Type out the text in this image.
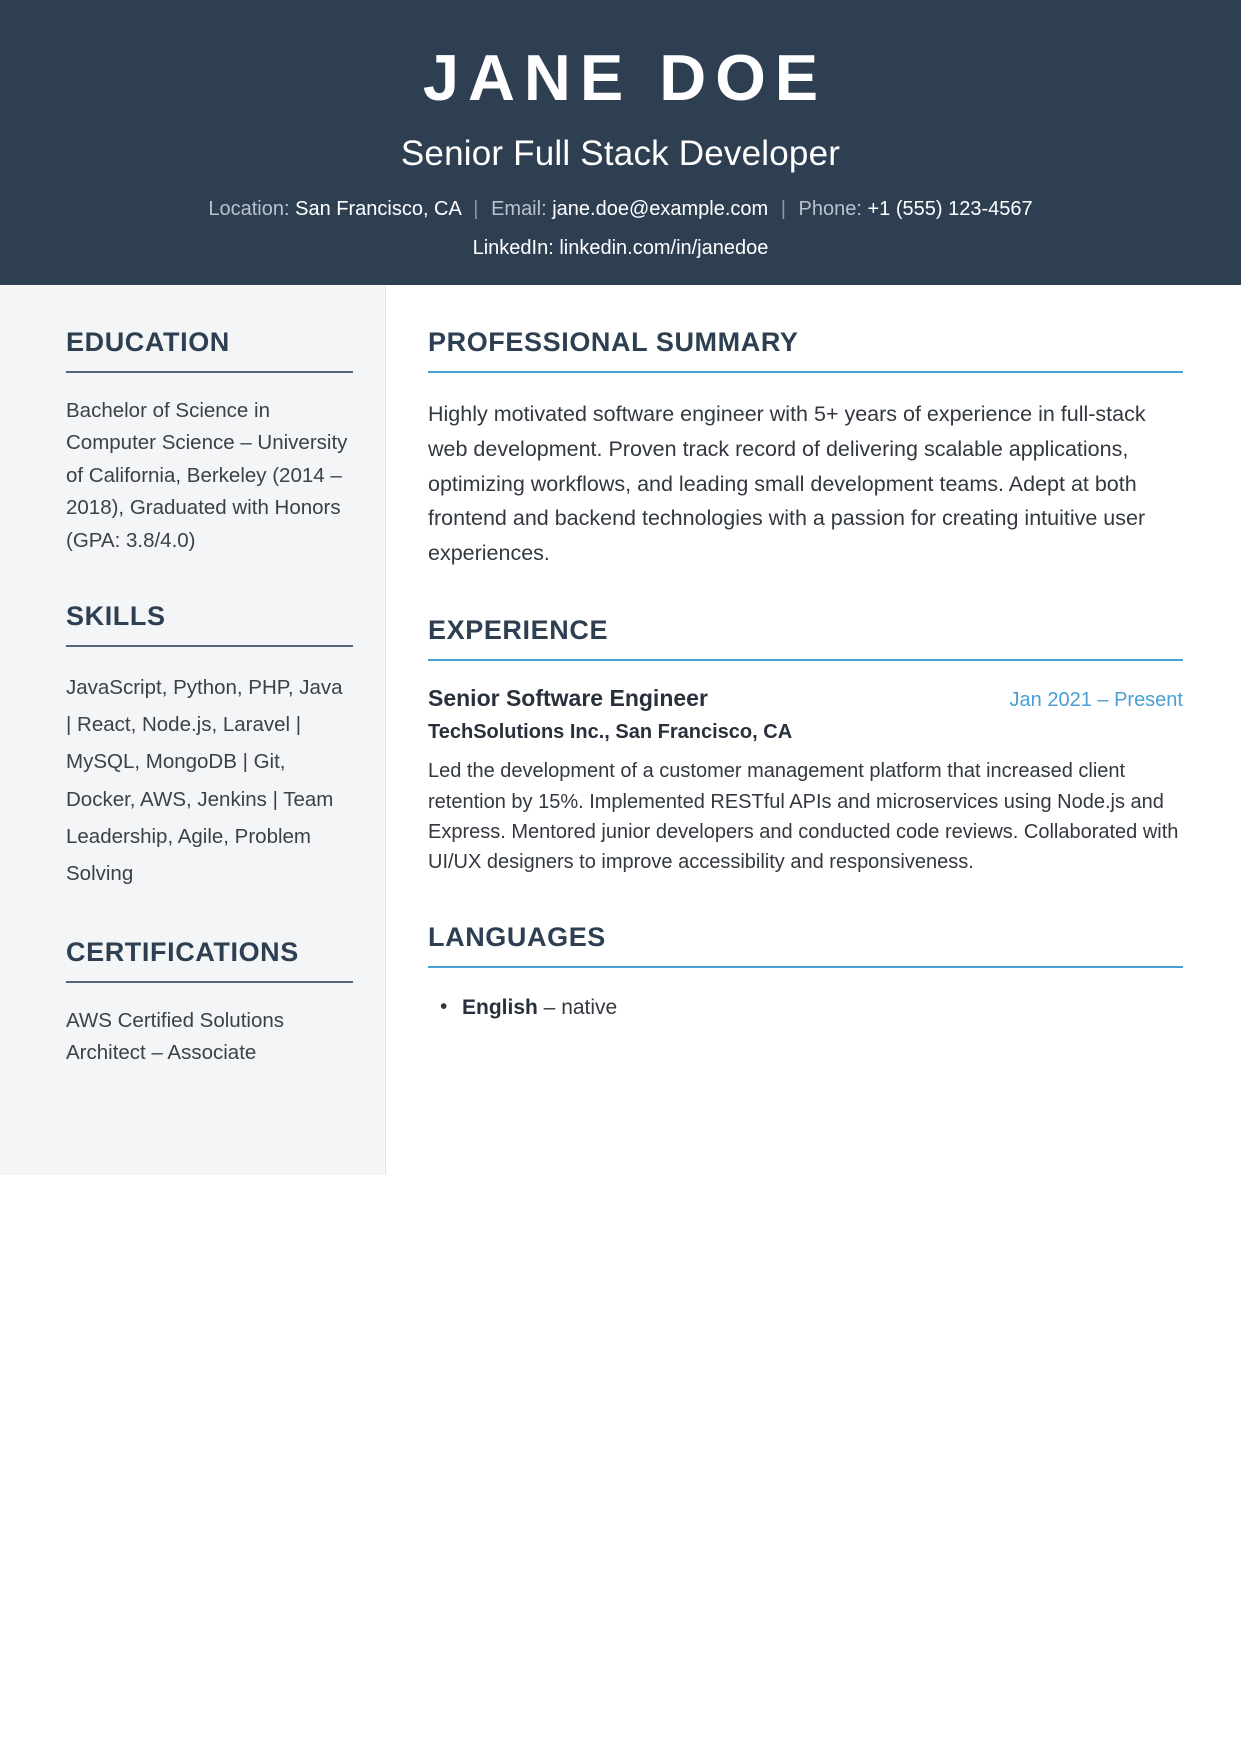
JANE DOE
Senior Full Stack Developer
Location: San Francisco, CA | Email: jane.doe@example.com | Phone: +1 (555) 123-4567
LinkedIn: linkedin.com/in/janedoe
EDUCATION

Bachelor of Science in Computer Science – University of California, Berkeley (2014 – 2018), Graduated with Honors (GPA: 3.8/4.0)

SKILLS

JavaScript, Python, PHP, Java | React, Node.js, Laravel | MySQL, MongoDB | Git, Docker, AWS, Jenkins | Team Leadership, Agile, Problem Solving

CERTIFICATIONS

AWS Certified Solutions Architect – Associate

PROFESSIONAL SUMMARY

Highly motivated software engineer with 5+ years of experience in full-stack web development. Proven track record of delivering scalable applications, optimizing workflows, and leading small development teams. Adept at both frontend and backend technologies with a passion for creating intuitive user experiences.

EXPERIENCE
Senior Software Engineer	Jan 2021 – Present
TechSolutions Inc., San Francisco, CA

Led the development of a customer management platform that increased client retention by 15%. Implemented RESTful APIs and microservices using Node.js and Express. Mentored junior developers and conducted code reviews. Collaborated with UI/UX designers to improve accessibility and responsiveness.

LANGUAGES
• English – native
